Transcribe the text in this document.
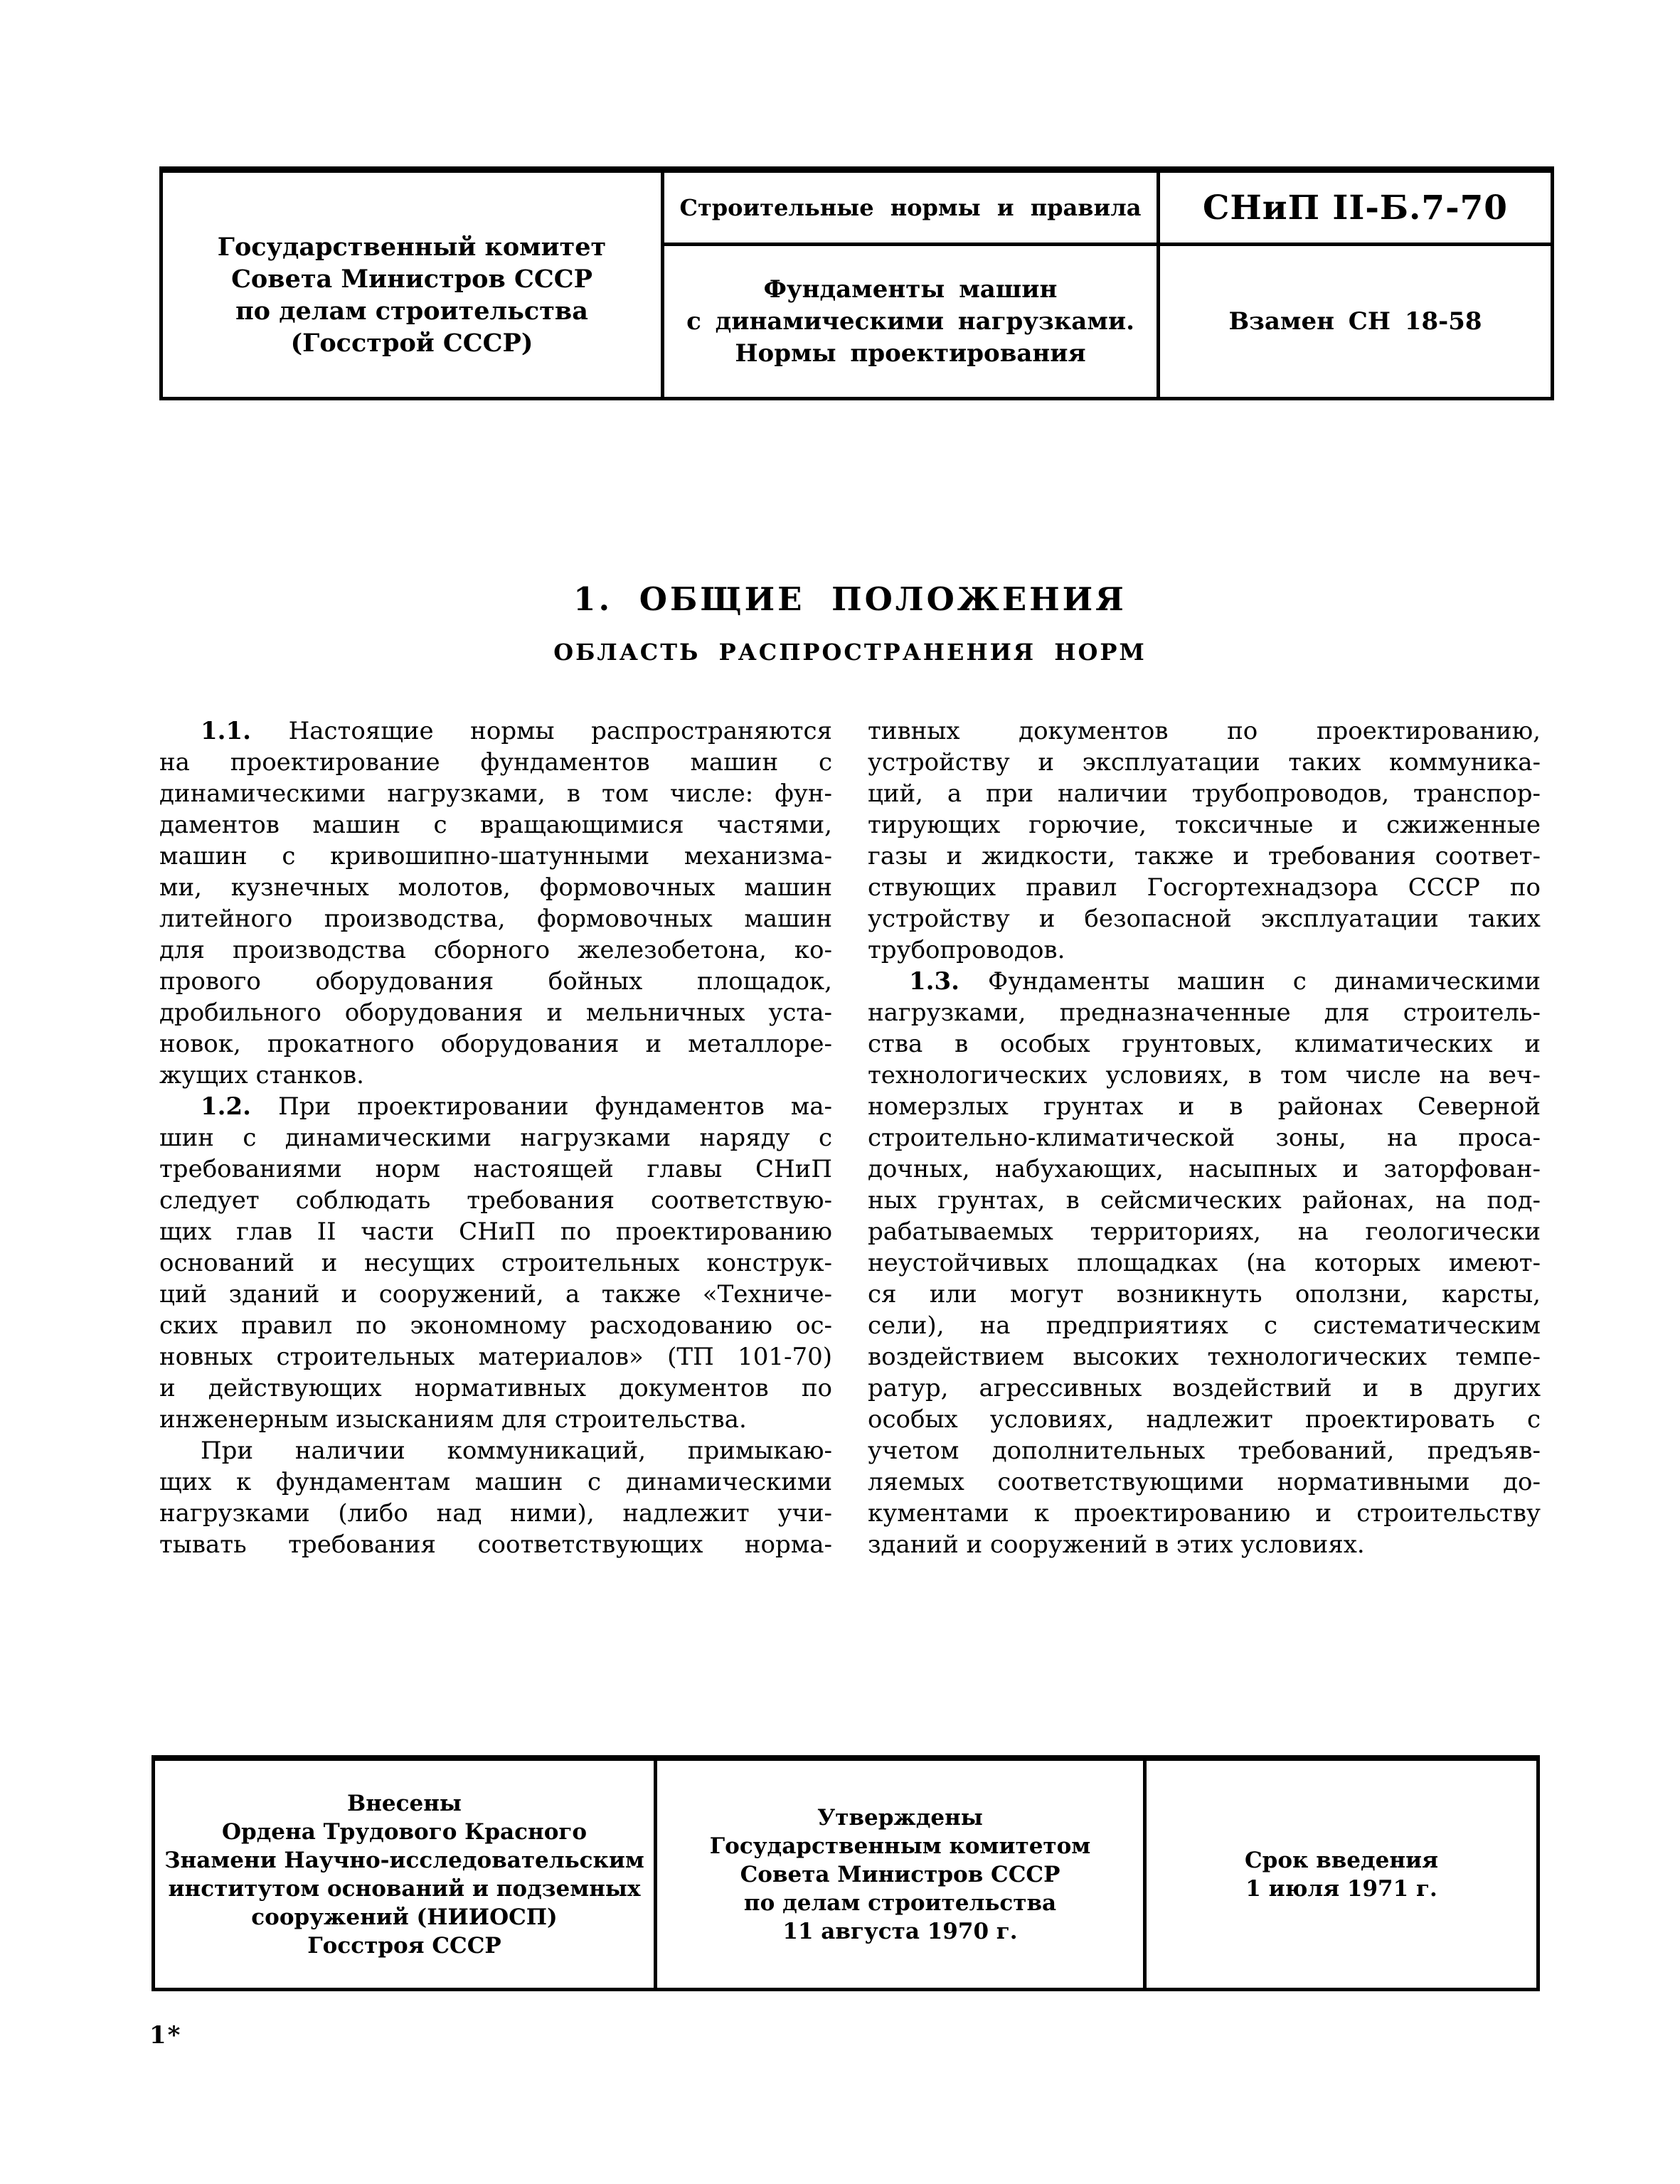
Государственный комитет
Совета Министров СССР
по делам строительства
(Госстрой СССР)
Строительные нормы и правила
Фундаменты машин
с динамическими нагрузками.
Нормы проектирования
СНиП II-Б.7-70
Взамен СН 18-58
1. ОБЩИЕ ПОЛОЖЕНИЯ
ОБЛАСТЬ РАСПРОСТРАНЕНИЯ НОРМ
1.1. Настоящие нормы распространяются
на проектирование фундаментов машин с
динамическими нагрузками, в том числе: фун-
даментов машин с вращающимися частями,
машин с кривошипно-шатунными механизма-
ми, кузнечных молотов, формовочных машин
литейного производства, формовочных машин
для производства сборного железобетона, ко-
прового оборудования бойных площадок,
дробильного оборудования и мельничных уста-
новок, прокатного оборудования и металлоре-
жущих станков.
1.2. При проектировании фундаментов ма-
шин с динамическими нагрузками наряду с
требованиями норм настоящей главы СНиП
следует соблюдать требования соответствую-
щих глав II части СНиП по проектированию
оснований и несущих строительных конструк-
ций зданий и сооружений, а также «Техниче-
ских правил по экономному расходованию ос-
новных строительных материалов» (ТП 101-70)
и действующих нормативных документов по
инженерным изысканиям для строительства.
При наличии коммуникаций, примыкаю-
щих к фундаментам машин с динамическими
нагрузками (либо над ними), надлежит учи-
тывать требования соответствующих норма-
тивных документов по проектированию,
устройству и эксплуатации таких коммуника-
ций, а при наличии трубопроводов, транспор-
тирующих горючие, токсичные и сжиженные
газы и жидкости, также и требования соответ-
ствующих правил Госгортехнадзора СССР по
устройству и безопасной эксплуатации таких
трубопроводов.
1.3. Фундаменты машин с динамическими
нагрузками, предназначенные для строитель-
ства в особых грунтовых, климатических и
технологических условиях, в том числе на веч-
номерзлых грунтах и в районах Северной
строительно-климатической зоны, на проса-
дочных, набухающих, насыпных и заторфован-
ных грунтах, в сейсмических районах, на под-
рабатываемых территориях, на геологически
неустойчивых площадках (на которых имеют-
ся или могут возникнуть оползни, карсты,
сели), на предприятиях с систематическим
воздействием высоких технологических темпе-
ратур, агрессивных воздействий и в других
особых условиях, надлежит проектировать с
учетом дополнительных требований, предъяв-
ляемых соответствующими нормативными до-
кументами к проектированию и строительству
зданий и сооружений в этих условиях.
Внесены
Ордена Трудового Красного
Знамени Научно-исследовательским
институтом оснований и подземных
сооружений (НИИОСП)
Госстроя СССР
Утверждены
Государственным комитетом
Совета Министров СССР
по делам строительства
11 августа 1970 г.
Срок введения
1 июля 1971 г.
1*
